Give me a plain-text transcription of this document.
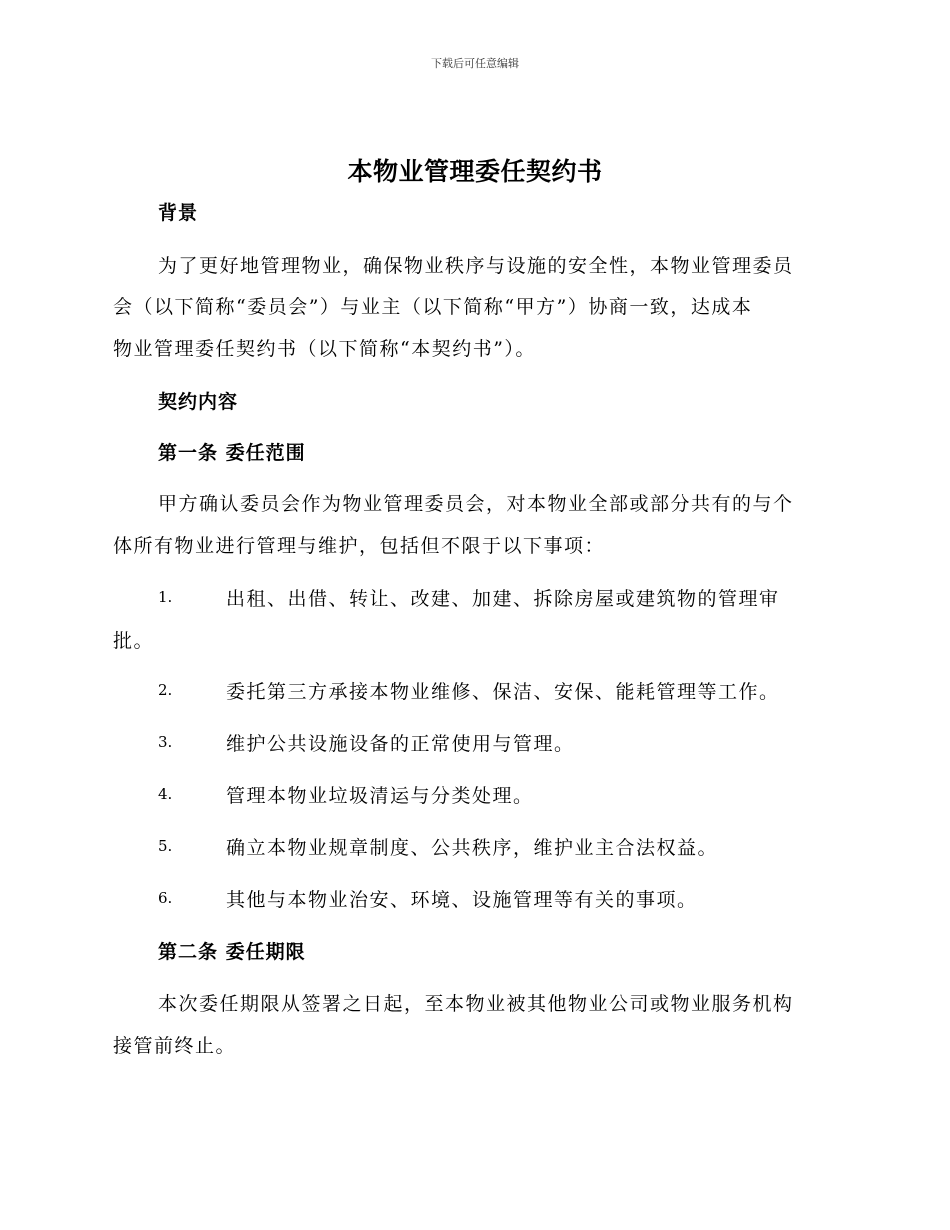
下载后可任意编辑
本物业管理委任契约书
背景
为了更好地管理物业，确保物业秩序与设施的安全性，本物业管理委员
会（以下简称“委员会”）与业主（以下简称“甲方”）协商一致，达成本
物业管理委任契约书（以下简称“本契约书”）。
契约内容
第一条 委任范围
甲方确认委员会作为物业管理委员会，对本物业全部或部分共有的与个
体所有物业进行管理与维护，包括但不限于以下事项：
1.	出租、出借、转让、改建、加建、拆除房屋或建筑物的管理审
批。
2.	委托第三方承接本物业维修、保洁、安保、能耗管理等工作。
3.	维护公共设施设备的正常使用与管理。
4.	管理本物业垃圾清运与分类处理。
5.	确立本物业规章制度、公共秩序，维护业主合法权益。
6.	其他与本物业治安、环境、设施管理等有关的事项。
第二条 委任期限
本次委任期限从签署之日起，至本物业被其他物业公司或物业服务机构
接管前终止。
